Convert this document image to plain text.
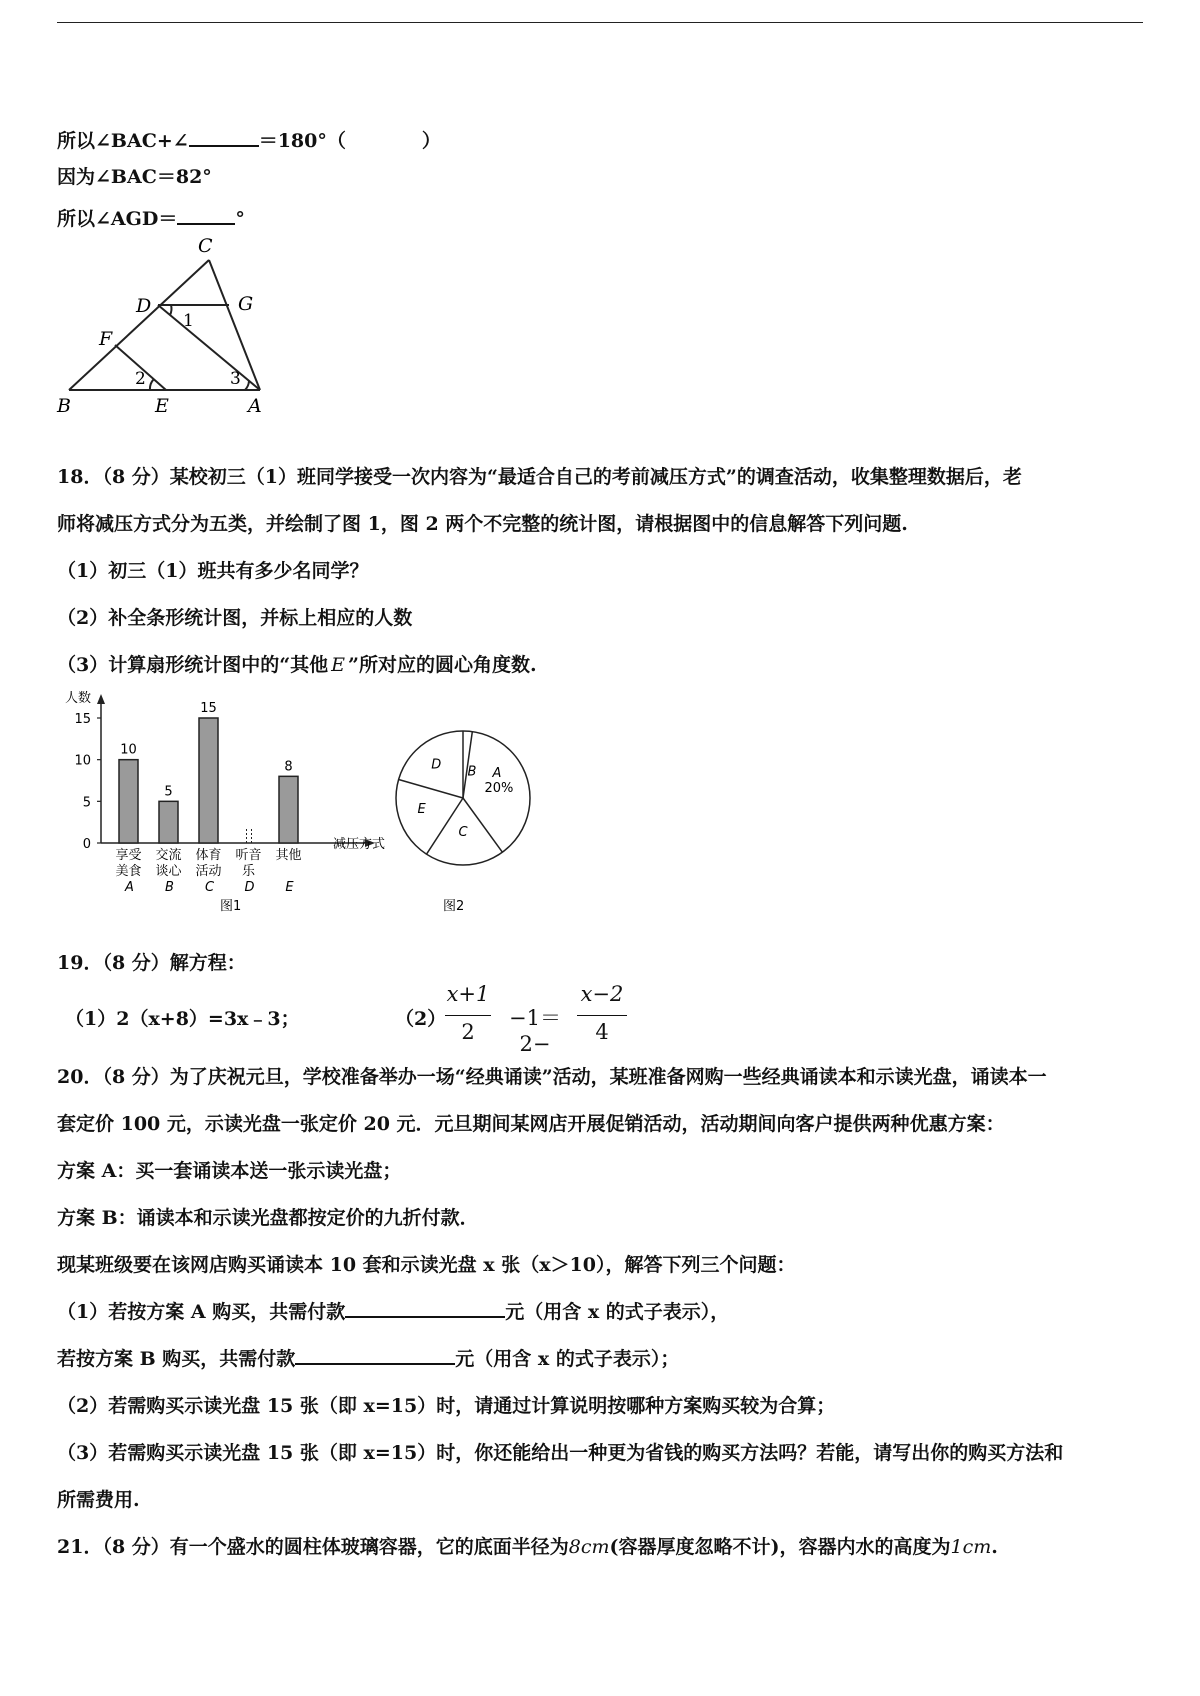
所以∠BAC+∠	＝180°（　　　　）
因为∠BAC＝82°
所以∠AGD＝	°
C
D	G
F
B	E	A
1
2	3
18．（8 分）某校初三（1）班同学接受一次内容为“最适合自己的考前减压方式”的调查活动，收集整理数据后，老
师将减压方式分为五类，并绘制了图 1，图 2 两个不完整的统计图，请根据图中的信息解答下列问题.
（1）初三（1）班共有多少名同学？
（2）补全条形统计图，并标上相应的人数
（3）计算扇形统计图中的“其他 E ”所对应的圆心角度数.
人数
减压方式
图1
0
5
10
15
10
享受
美食
A
5
交流
谈心
B
15
体育
活动
C
听音
乐
D
8
其他
E
A
20%
B
C
D
E
图2
19．（8 分）解方程：
（1）2（x+8）=3x﹣3；	（2）
x+1
2
−1＝2−
x−2
4
20．（8 分）为了庆祝元旦，学校准备举办一场“经典诵读”活动，某班准备网购一些经典诵读本和示读光盘，诵读本一
套定价 100 元，示读光盘一张定价 20 元．元旦期间某网店开展促销活动，活动期间向客户提供两种优惠方案：
方案 A：买一套诵读本送一张示读光盘；
方案 B：诵读本和示读光盘都按定价的九折付款．
现某班级要在该网店购买诵读本 10 套和示读光盘 x 张（x＞10），解答下列三个问题：
（1）若按方案 A 购买，共需付款	元（用含 x 的式子表示），
若按方案 B 购买，共需付款	元（用含 x 的式子表示）；
（2）若需购买示读光盘 15 张（即 x=15）时，请通过计算说明按哪种方案购买较为合算；
（3）若需购买示读光盘 15 张（即 x=15）时，你还能给出一种更为省钱的购买方法吗？若能，请写出你的购买方法和
所需费用.
21．（8 分）有一个盛水的圆柱体玻璃容器，它的底面半径为8cm(容器厚度忽略不计)，容器内水的高度为1cm.
